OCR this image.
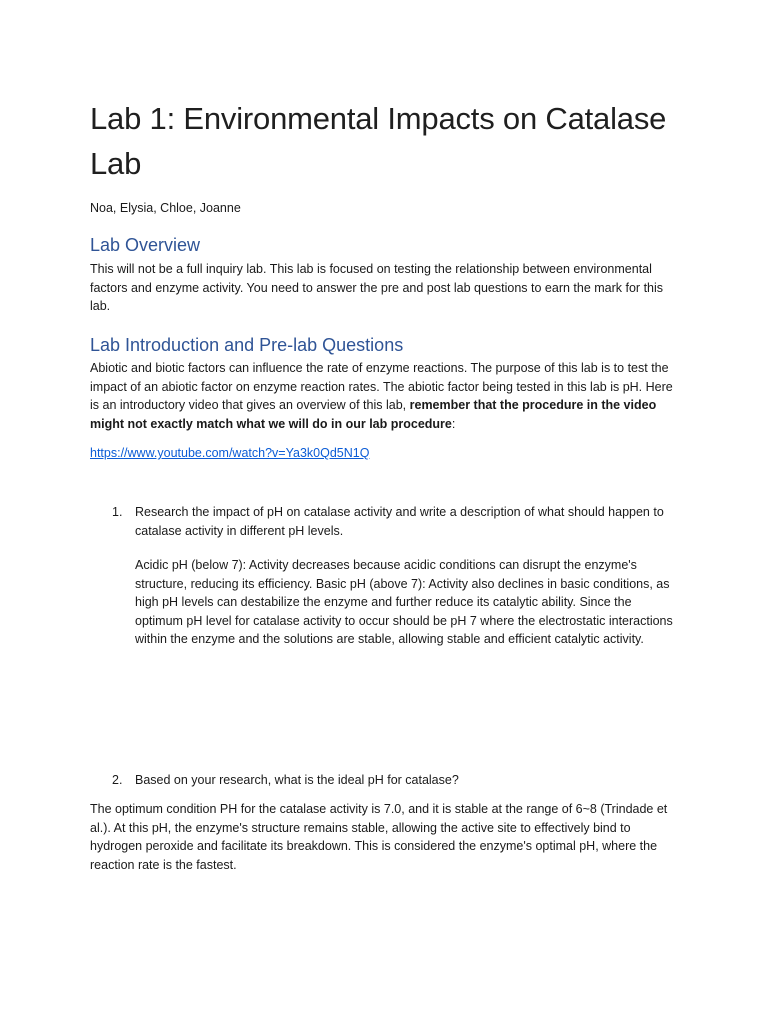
Lab 1: Environmental Impacts on Catalase Lab

Noa, Elysia, Chloe, Joanne

Lab Overview

This will not be a full inquiry lab. This lab is focused on testing the relationship between environmental factors and enzyme activity. You need to answer the pre and post lab questions to earn the mark for this lab.

Lab Introduction and Pre-lab Questions

Abiotic and biotic factors can influence the rate of enzyme reactions. The purpose of this lab is to test the impact of an abiotic factor on enzyme reaction rates. The abiotic factor being tested in this lab is pH. Here is an introductory video that gives an overview of this lab, remember that the procedure in the video might not exactly match what we will do in our lab procedure:

https://www.youtube.com/watch?v=Ya3k0Qd5N1Q
1. Research the impact of pH on catalase activity and write a description of what should happen to catalase activity in different pH levels.

Acidic pH (below 7): Activity decreases because acidic conditions can disrupt the enzyme's structure, reducing its efficiency. Basic pH (above 7): Activity also declines in basic conditions, as high pH levels can destabilize the enzyme and further reduce its catalytic ability. Since the optimum pH level for catalase activity to occur should be pH 7 where the electrostatic interactions within the enzyme and the solutions are stable, allowing stable and efficient catalytic activity.

2. Based on your research, what is the ideal pH for catalase?

The optimum condition PH for the catalase activity is 7.0, and it is stable at the range of 6~8 (Trindade et al.). At this pH, the enzyme's structure remains stable, allowing the active site to effectively bind to hydrogen peroxide and facilitate its breakdown. This is considered the enzyme's optimal pH, where the reaction rate is the fastest.
